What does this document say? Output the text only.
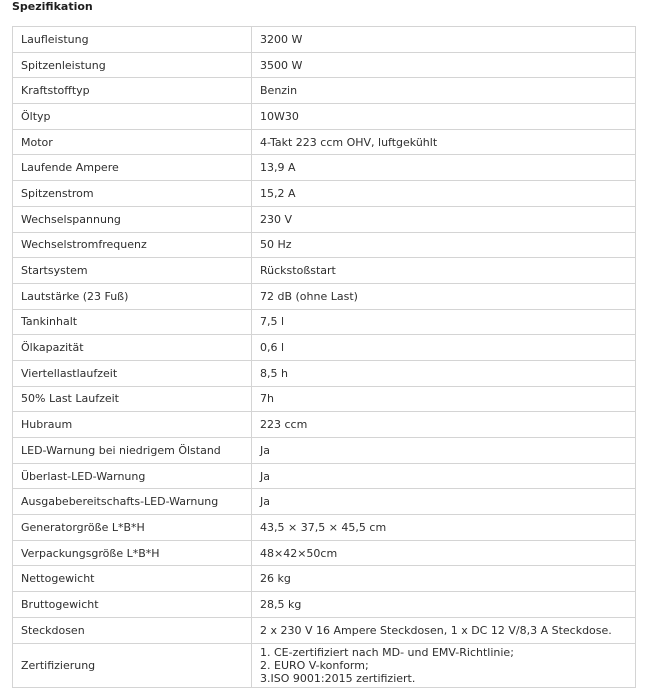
Spezifikation
Laufleistung	3200 W

Spitzenleistung	3500 W

Kraftstofftyp	Benzin

Öltyp	10W30

Motor	4-Takt 223 ccm OHV, luftgekühlt

Laufende Ampere	13,9 A

Spitzenstrom	15,2 A

Wechselspannung	230 V

Wechselstromfrequenz	50 Hz

Startsystem	Rückstoßstart

Lautstärke (23 Fuß)	72 dB (ohne Last)

Tankinhalt	7,5 l

Ölkapazität	0,6 l

Viertellastlaufzeit	8,5 h

50% Last Laufzeit	7h

Hubraum	223 ccm

LED-Warnung bei niedrigem Ölstand	Ja

Überlast-LED-Warnung	Ja

Ausgabebereitschafts-LED-Warnung	Ja

Generatorgröße L*B*H	43,5 × 37,5 × 45,5 cm

Verpackungsgröße L*B*H	48×42×50cm

Nettogewicht	26 kg

Bruttogewicht	28,5 kg

Steckdosen	2 x 230 V 16 Ampere Steckdosen, 1 x DC 12 V/8,3 A Steckdose.

Zertifizierung	1. CE-zertifiziert nach MD- und EMV-Richtlinie;
2. EURO V-konform;
3.ISO 9001:2015 zertifiziert.
